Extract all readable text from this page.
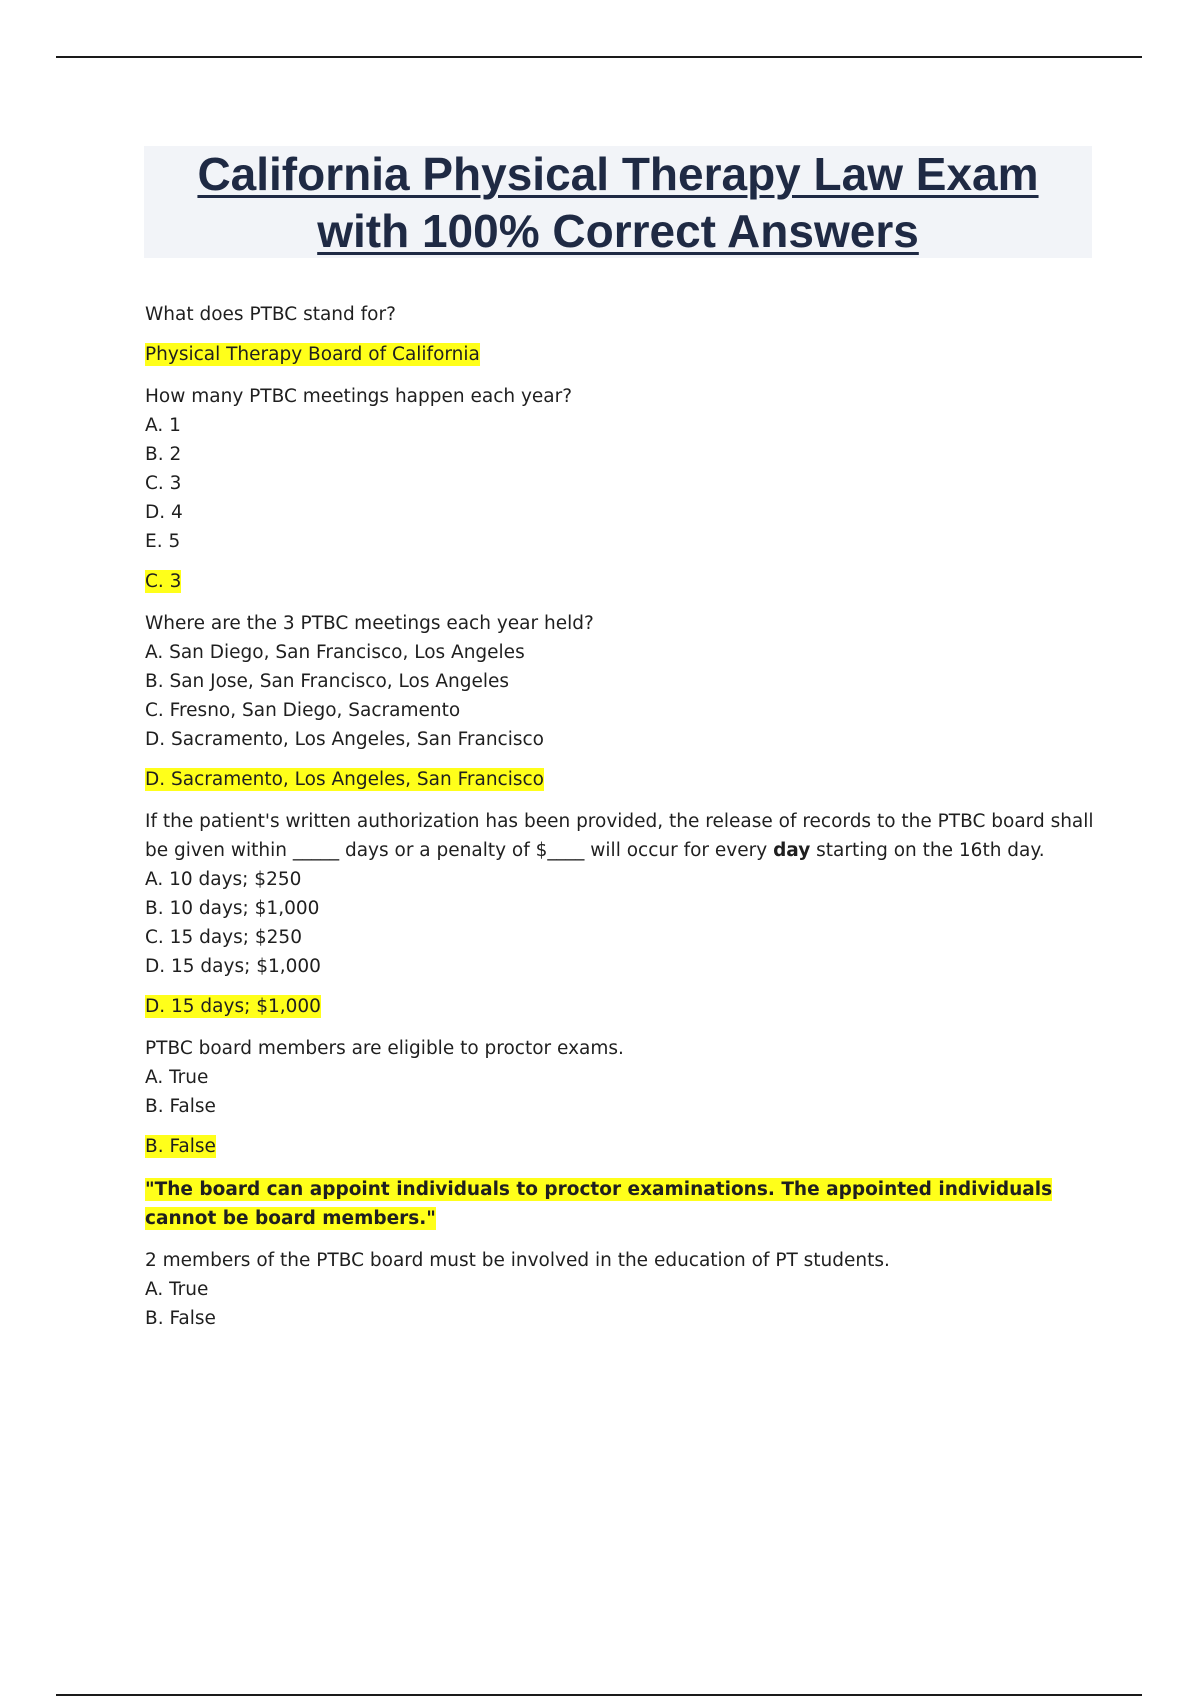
California Physical Therapy Law Exam
with 100% Correct Answers

What does PTBC stand for?

Physical Therapy Board of California

How many PTBC meetings happen each year?

A. 1

B. 2

C. 3

D. 4

E. 5

C. 3

Where are the 3 PTBC meetings each year held?

A. San Diego, San Francisco, Los Angeles

B. San Jose, San Francisco, Los Angeles

C. Fresno, San Diego, Sacramento

D. Sacramento, Los Angeles, San Francisco

D. Sacramento, Los Angeles, San Francisco

If the patient's written authorization has been provided, the release of records to the PTBC board shall be given within _____ days or a penalty of $____ will occur for every day starting on the 16th day.

A. 10 days; $250

B. 10 days; $1,000

C. 15 days; $250

D. 15 days; $1,000

D. 15 days; $1,000

PTBC board members are eligible to proctor exams.

A. True

B. False

B. False

"The board can appoint individuals to proctor examinations. The appointed individuals cannot be board members."

2 members of the PTBC board must be involved in the education of PT students.

A. True

B. False
